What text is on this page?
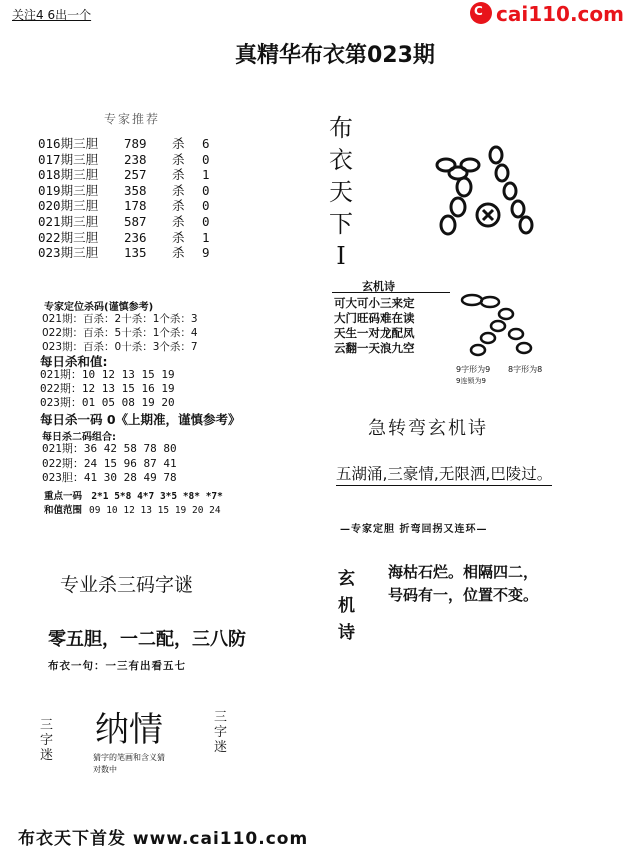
关注4 6出一个	C cai110.com
真精华布衣第023期
专家推荐
016期三胆 789 杀 6
017期三胆 238 杀 0
018期三胆 257 杀 1
019期三胆 358 杀 0
020期三胆 178 杀 0
021期三胆 587 杀 0
022期三胆 236 杀 1
023期三胆 135 杀 9
专家定位杀码(谨慎参考)
021期：百杀：2十杀：1个杀：3
022期：百杀：5十杀：1个杀：4
023期：百杀：0十杀：3个杀：7
每日杀和值:
021期：10 12 13 15 19
022期：12 13 15 16 19
023期：01 05 08 19 20
每日杀一码 0《上期准，谨慎参考》
每日杀二码组合:
021期：36 42 58 78 80
022期：24 15 96 87 41
023胆：41 30 28 49 78
重点一码 2*1 5*8 4*7 3*5 *8* *7*
和值范围 09 10 12 13 15 19 20 24
专业杀三码字谜
零五胆，一二配，三八防
布衣一句：一三有出看五七
三字迷
纳情
猜字的笔画和含义猜
对数中
三字迷
布衣天下I
玄机诗
可大可小三来定
大门旺码难在读
天生一对龙配凤
云翻一天浪九空
9字形为9 8字形为8
9连锁为9
急转弯玄机诗
五湖涌,三豪情,无限洒,巴陵过。
—专家定胆 折弯回拐又连环—
玄机诗
海枯石烂。相隔四二，
号码有一，位置不变。
布衣天下首发 www.cai110.com
